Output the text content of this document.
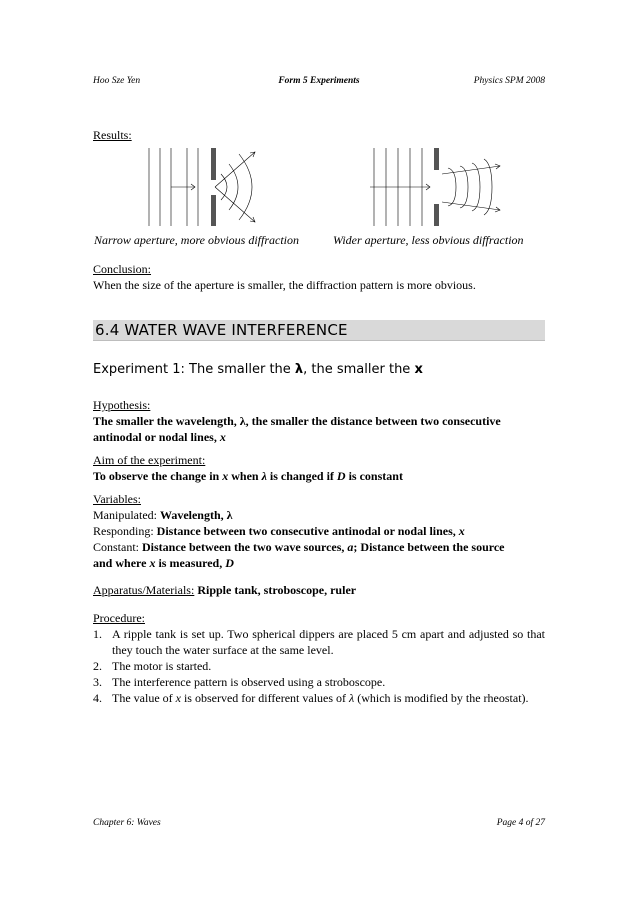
Hoo Sze Yen	Form 5 Experiments	Physics SPM 2008
Results:
Narrow aperture, more obvious diffraction	Wider aperture, less obvious diffraction
Conclusion:
When the size of the aperture is smaller, the diffraction pattern is more obvious.
6.4 WATER WAVE INTERFERENCE
Experiment 1: The smaller the λ, the smaller the x
Hypothesis:
The smaller the wavelength, λ, the smaller the distance between two consecutive
antinodal or nodal lines, x
Aim of the experiment:
To observe the change in x when λ is changed if D is constant
Variables:
Manipulated: Wavelength, λ
Responding: Distance between two consecutive antinodal or nodal lines, x
Constant: Distance between the two wave sources, a; Distance between the source
and where x is measured, D
Apparatus/Materials: Ripple tank, stroboscope, ruler
Procedure:
1. A ripple tank is set up. Two spherical dippers are placed 5 cm apart and adjusted so that they touch the water surface at the same level.
2. The motor is started.
3. The interference pattern is observed using a stroboscope.
4. The value of x is observed for different values of λ (which is modified by the rheostat).
Chapter 6: Waves	Page 4 of 27
